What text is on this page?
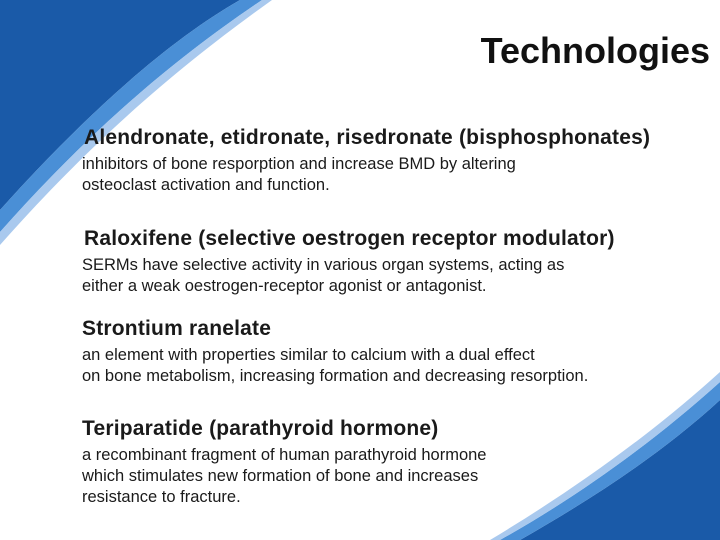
Technologies
Alendronate, etidronate, risedronate (bisphosphonates)
inhibitors of bone resporption and increase BMD by altering
osteoclast activation and function.
Raloxifene (selective oestrogen receptor modulator)
SERMs have selective activity in various organ systems, acting as
either a weak oestrogen-receptor agonist or antagonist.
Strontium ranelate
an element with properties similar to calcium with a dual effect
on bone metabolism, increasing formation and decreasing resorption.
Teriparatide (parathyroid hormone)
a recombinant fragment of human parathyroid hormone
which stimulates new formation of bone and increases
resistance to fracture.
